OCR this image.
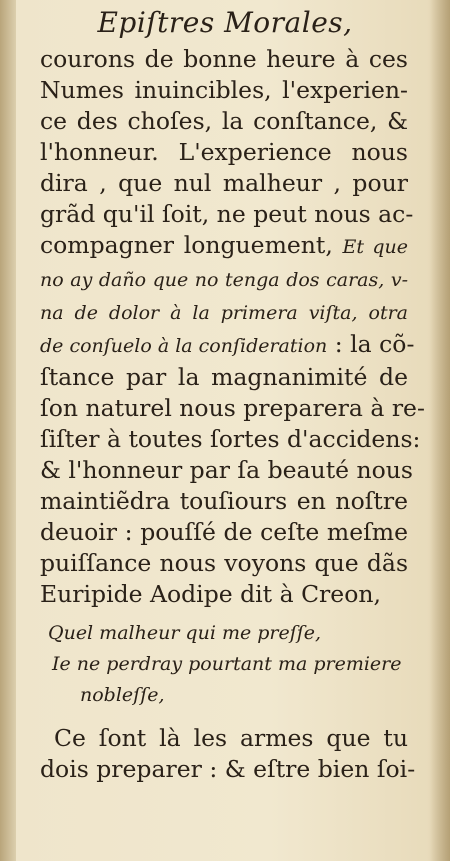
Epiſtres Morales,
courons de bonne heure à ces
Numes inuincibles, l'experien-
ce des choſes, la conſtance, &
l'honneur. L'experience nous
dira , que nul malheur , pour
grãd qu'il ſoit, ne peut nous ac-
compagner longuement, Et que
no ay daño que no tenga dos caras, v-
na de dolor à la primera viſta, otra
de conſuelo à la conſideration : la cõ-
ſtance par la magnanimité de
ſon naturel nous preparera à re-
ſiſter à toutes ſortes d'accidens:
& l'honneur par ſa beauté nous
maintiẽdra touſiours en noſtre
deuoir : pouſſé de ceſte meſme
puiſſance nous voyons que dãs
Euripide Aodipe dit à Creon,
Quel malheur qui me preſſe,
Ie ne perdray pourtant ma premiere
nobleſſe,
Ce ſont là les armes que tu
dois preparer : & eſtre bien ſoi-
